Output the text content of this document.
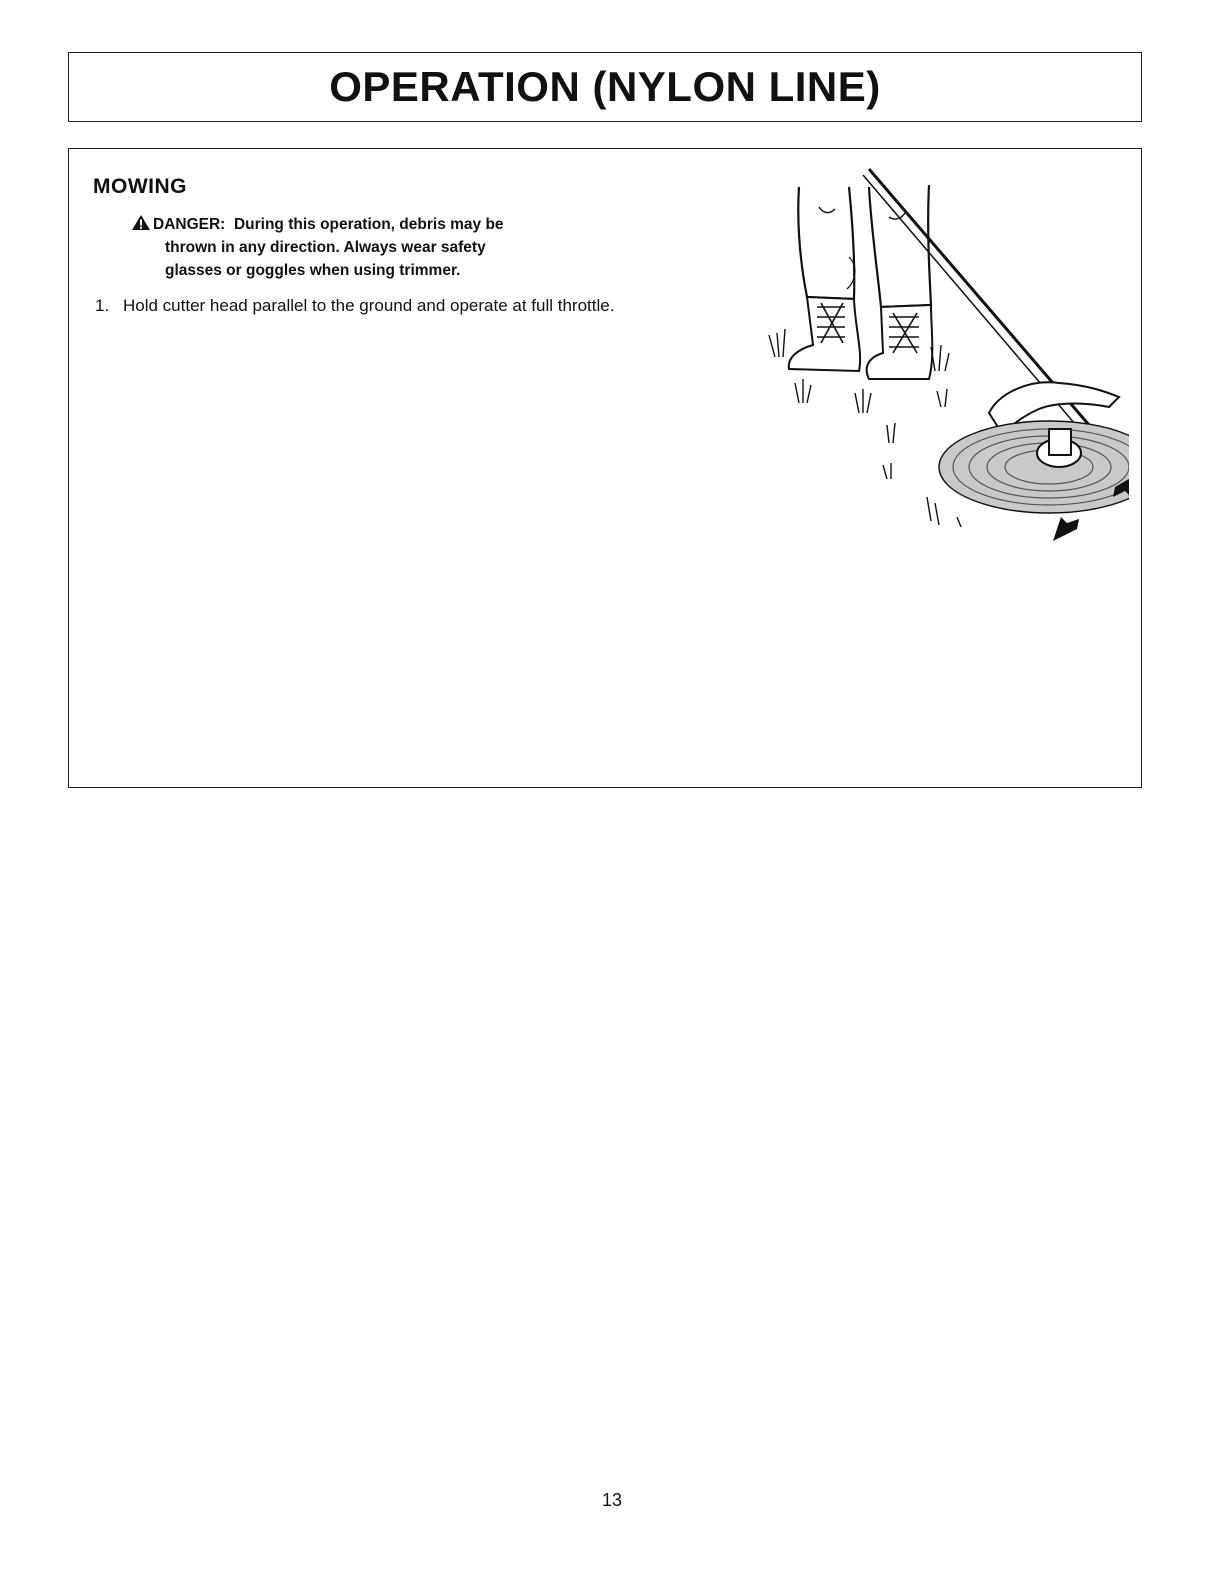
OPERATION (NYLON LINE)
MOWING
DANGER: During this operation, debris may be
thrown in any direction. Always wear safety
glasses or goggles when using trimmer.
1. Hold cutter head parallel to the ground and operate at full throttle.
13
